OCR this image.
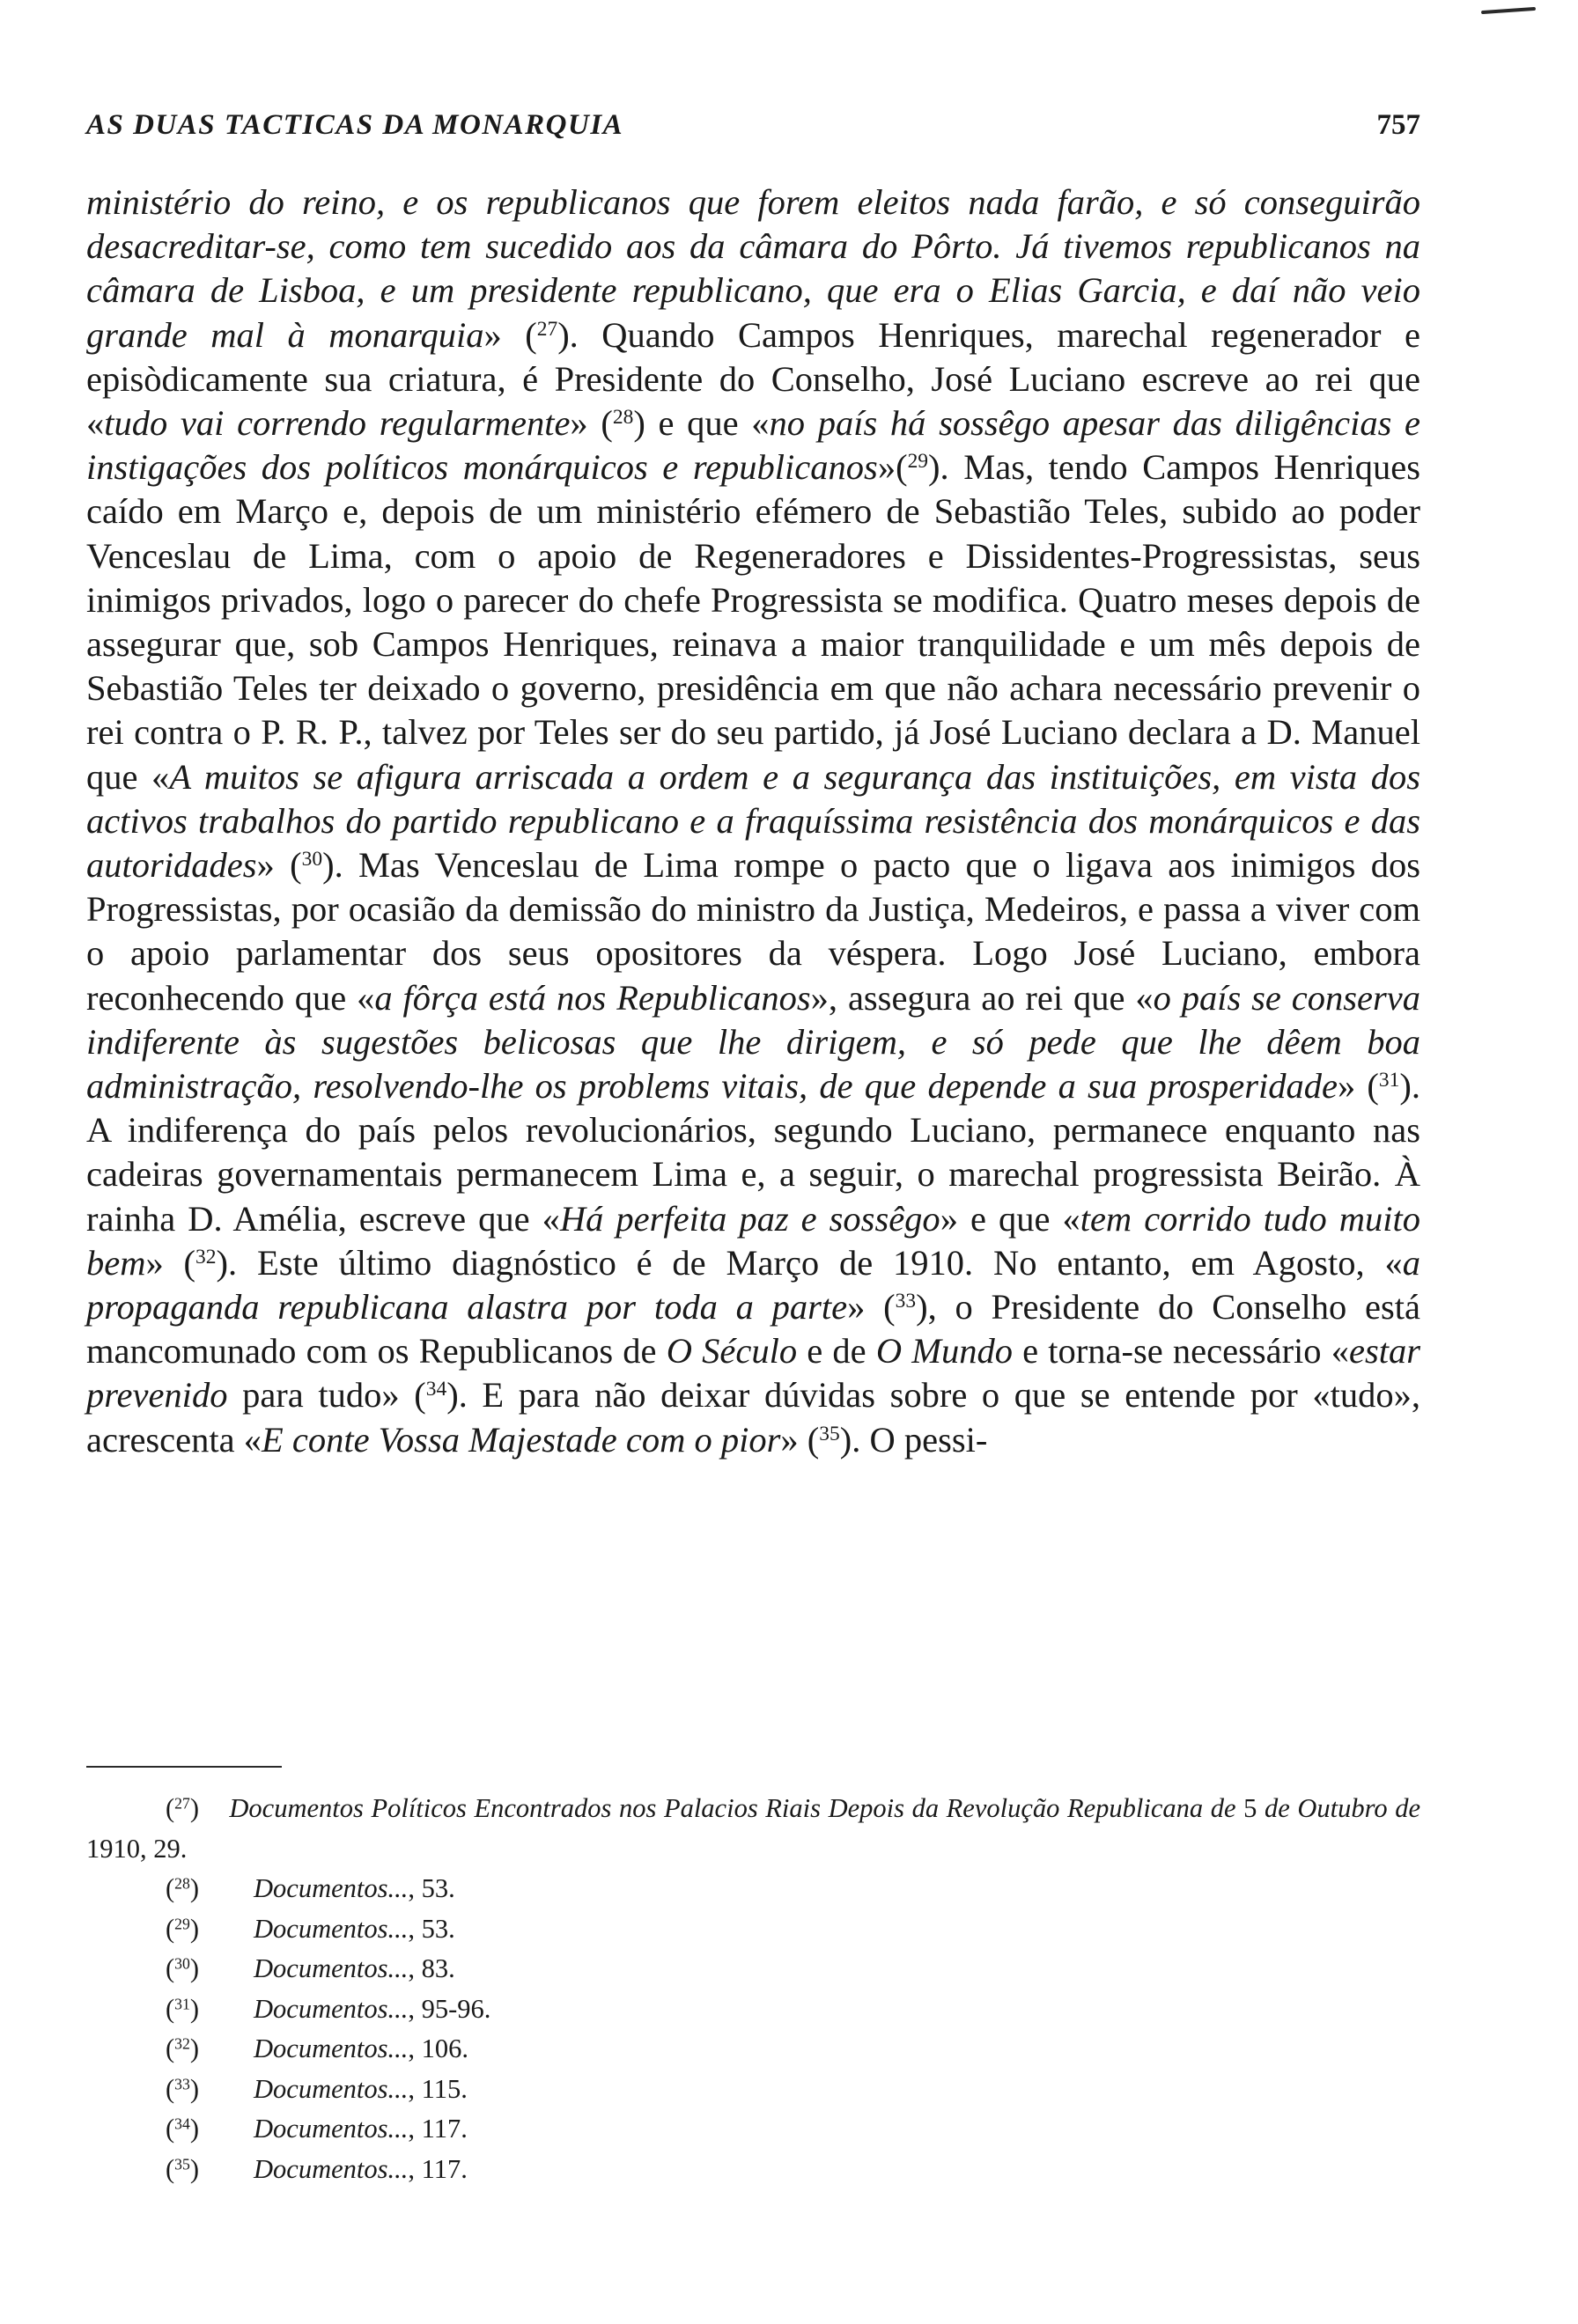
AS DUAS TACTICAS DA MONARQUIA	757

ministério do reino, e os republicanos que forem eleitos nada farão, e só conseguirão desacreditar-se, como tem sucedido aos da câmara do Pôrto. Já tivemos republicanos na câmara de Lisboa, e um presidente republicano, que era o Elias Garcia, e daí não veio grande mal à monarquia» ($^{27}$). Quando Campos Henriques, marechal regenerador e episòdicamente sua criatura, é Presidente do Conselho, José Luciano escreve ao rei que «tudo vai correndo regularmente» ($^{28}$) e que «no país há sossêgo apesar das diligências e instigações dos políticos monárquicos e republicanos»($^{29}$). Mas, tendo Campos Henriques caído em Março e, depois de um ministério efémero de Sebastião Teles, subido ao poder Venceslau de Lima, com o apoio de Regeneradores e Dissidentes-Progressistas, seus inimigos privados, logo o parecer do chefe Progressista se modifica. Quatro meses depois de assegurar que, sob Campos Henriques, reinava a maior tranquilidade e um mês depois de Sebastião Teles ter deixado o governo, presidência em que não achara necessário prevenir o rei contra o P. R. P., talvez por Teles ser do seu partido, já José Luciano declara a D. Manuel que «A muitos se afigura arriscada a ordem e a segurança das instituições, em vista dos activos trabalhos do partido republicano e a fraquíssima resistência dos monárquicos e das autoridades» ($^{30}$). Mas Venceslau de Lima rompe o pacto que o ligava aos inimigos dos Progressistas, por ocasião da demissão do ministro da Justiça, Medeiros, e passa a viver com o apoio parlamentar dos seus opositores da véspera. Logo José Luciano, embora reconhecendo que «a fôrça está nos Republicanos», assegura ao rei que «o país se conserva indiferente às sugestões belicosas que lhe dirigem, e só pede que lhe dêem boa administração, resolvendo-lhe os problems vitais, de que depende a sua prosperidade» ($^{31}$). A indiferença do país pelos revolucionários, segundo Luciano, permanece enquanto nas cadeiras governamentais permanecem Lima e, a seguir, o marechal progressista Beirão. À rainha D. Amélia, escreve que «Há perfeita paz e sossêgo» e que «tem corrido tudo muito bem» ($^{32}$). Este último diagnóstico é de Março de 1910. No entanto, em Agosto, «a propaganda republicana alastra por toda a parte» ($^{33}$), o Presidente do Conselho está mancomunado com os Republicanos de O Século e de O Mundo e torna-se necessário «estar prevenido para tudo» ($^{34}$). E para não deixar dúvidas sobre o que se entende por «tudo», acrescenta «E conte Vossa Majestade com o pior» ($^{35}$). O pessi-

($^{27}$)    Documentos Políticos Encontrados nos Palacios Riais Depois da Revolução Republicana de 5 de Outubro de 1910, 29.

($^{28}$) Documentos..., 53.

($^{29}$) Documentos..., 53.

($^{30}$) Documentos..., 83.

($^{31}$) Documentos..., 95-96.

($^{32}$) Documentos..., 106.

($^{33}$) Documentos..., 115.

($^{34}$) Documentos..., 117.

($^{35}$) Documentos..., 117.
